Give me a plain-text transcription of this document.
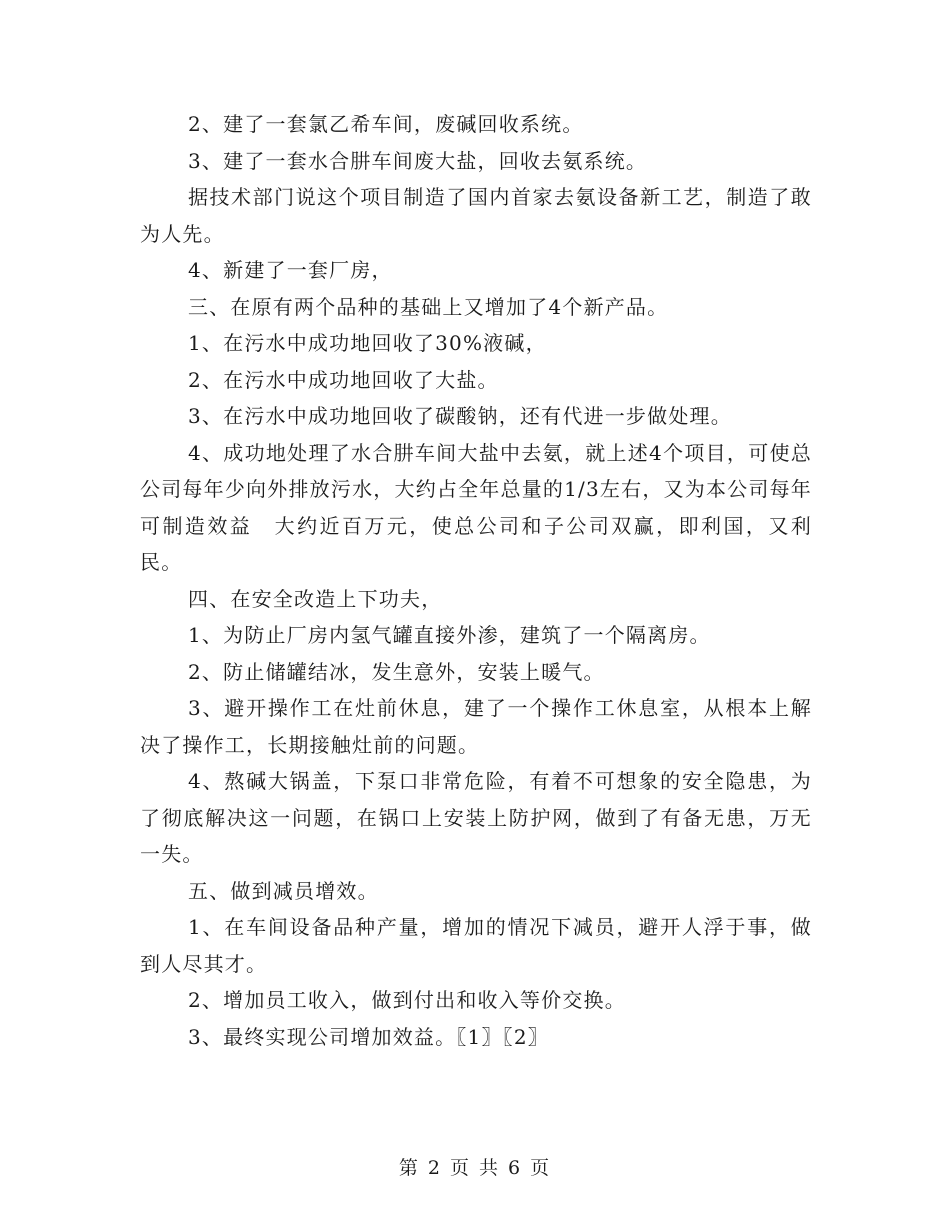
2、建了一套氯乙希车间，废碱回收系统。

3、建了一套水合肼车间废大盐，回收去氨系统。

据技术部门说这个项目制造了国内首家去氨设备新工艺，制造了敢为人先。

4、新建了一套厂房，

三、在原有两个品种的基础上又增加了4个新产品。

1、在污水中成功地回收了30%液碱，

2、在污水中成功地回收了大盐。

3、在污水中成功地回收了碳酸钠，还有代进一步做处理。

4、成功地处理了水合肼车间大盐中去氨，就上述4个项目，可使总公司每年少向外排放污水，大约占全年总量的1/3左右，又为本公司每年可制造效益　大约近百万元，使总公司和子公司双赢，即利国，又利民。

四、在安全改造上下功夫，

1、为防止厂房内氢气罐直接外渗，建筑了一个隔离房。

2、防止储罐结冰，发生意外，安装上暖气。

3、避开操作工在灶前休息，建了一个操作工休息室，从根本上解决了操作工，长期接触灶前的问题。

4、熬碱大锅盖，下泵口非常危险，有着不可想象的安全隐患，为了彻底解决这一问题，在锅口上安装上防护网，做到了有备无患，万无一失。

五、做到减员增效。

1、在车间设备品种产量，增加的情况下减员，避开人浮于事，做到人尽其才。

2、增加员工收入，做到付出和收入等价交换。

3、最终实现公司增加效益。〖1〗〖2〗

第 2 页 共 6 页
